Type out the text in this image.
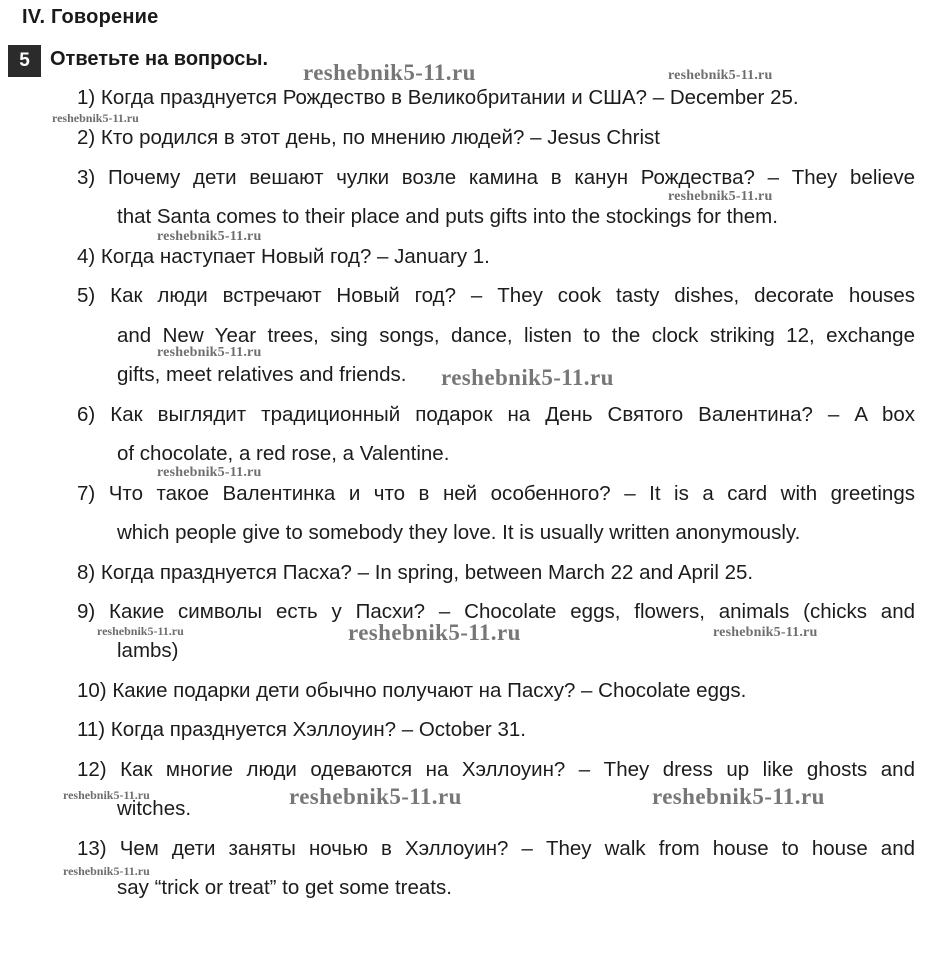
IV. Говорение
5	Ответьте на вопросы.
1) Когда празднуется Рождество в Великобритании и США? – December 25.
2) Кто родился в этот день, по мнению людей? – Jesus Christ
3) Почему дети вешают чулки возле камина в канун Рождества? – They believe
that Santa comes to their place and puts gifts into the stockings for them.
4) Когда наступает Новый год? – January 1.
5) Как люди встречают Новый год? – They cook tasty dishes, decorate houses
and New Year trees, sing songs, dance, listen to the clock striking 12, exchange
gifts, meet relatives and friends.
6) Как выглядит традиционный подарок на День Святого Валентина? – A box
of chocolate, a red rose, a Valentine.
7) Что такое Валентинка и что в ней особенного? – It is a card with greetings
which people give to somebody they love. It is usually written anonymously.
8) Когда празднуется Пасха? – In spring, between March 22 and April 25.
9) Какие символы есть у Пасхи? – Chocolate eggs, flowers, animals (chicks and
lambs)
10) Какие подарки дети обычно получают на Пасху? – Chocolate eggs.
11) Когда празднуется Хэллоуин? – October 31.
12) Как многие люди одеваются на Хэллоуин? – They dress up like ghosts and
witches.
13) Чем дети заняты ночью в Хэллоуин? – They walk from house to house and
say “trick or treat” to get some treats.
reshebnik5-11.ru	reshebnik5-11.ru
reshebnik5-11.ru
reshebnik5-11.ru
reshebnik5-11.ru
reshebnik5-11.ru
reshebnik5-11.ru
reshebnik5-11.ru
reshebnik5-11.ru	reshebnik5-11.ru	reshebnik5-11.ru
reshebnik5-11.ru	reshebnik5-11.ru	reshebnik5-11.ru
reshebnik5-11.ru
